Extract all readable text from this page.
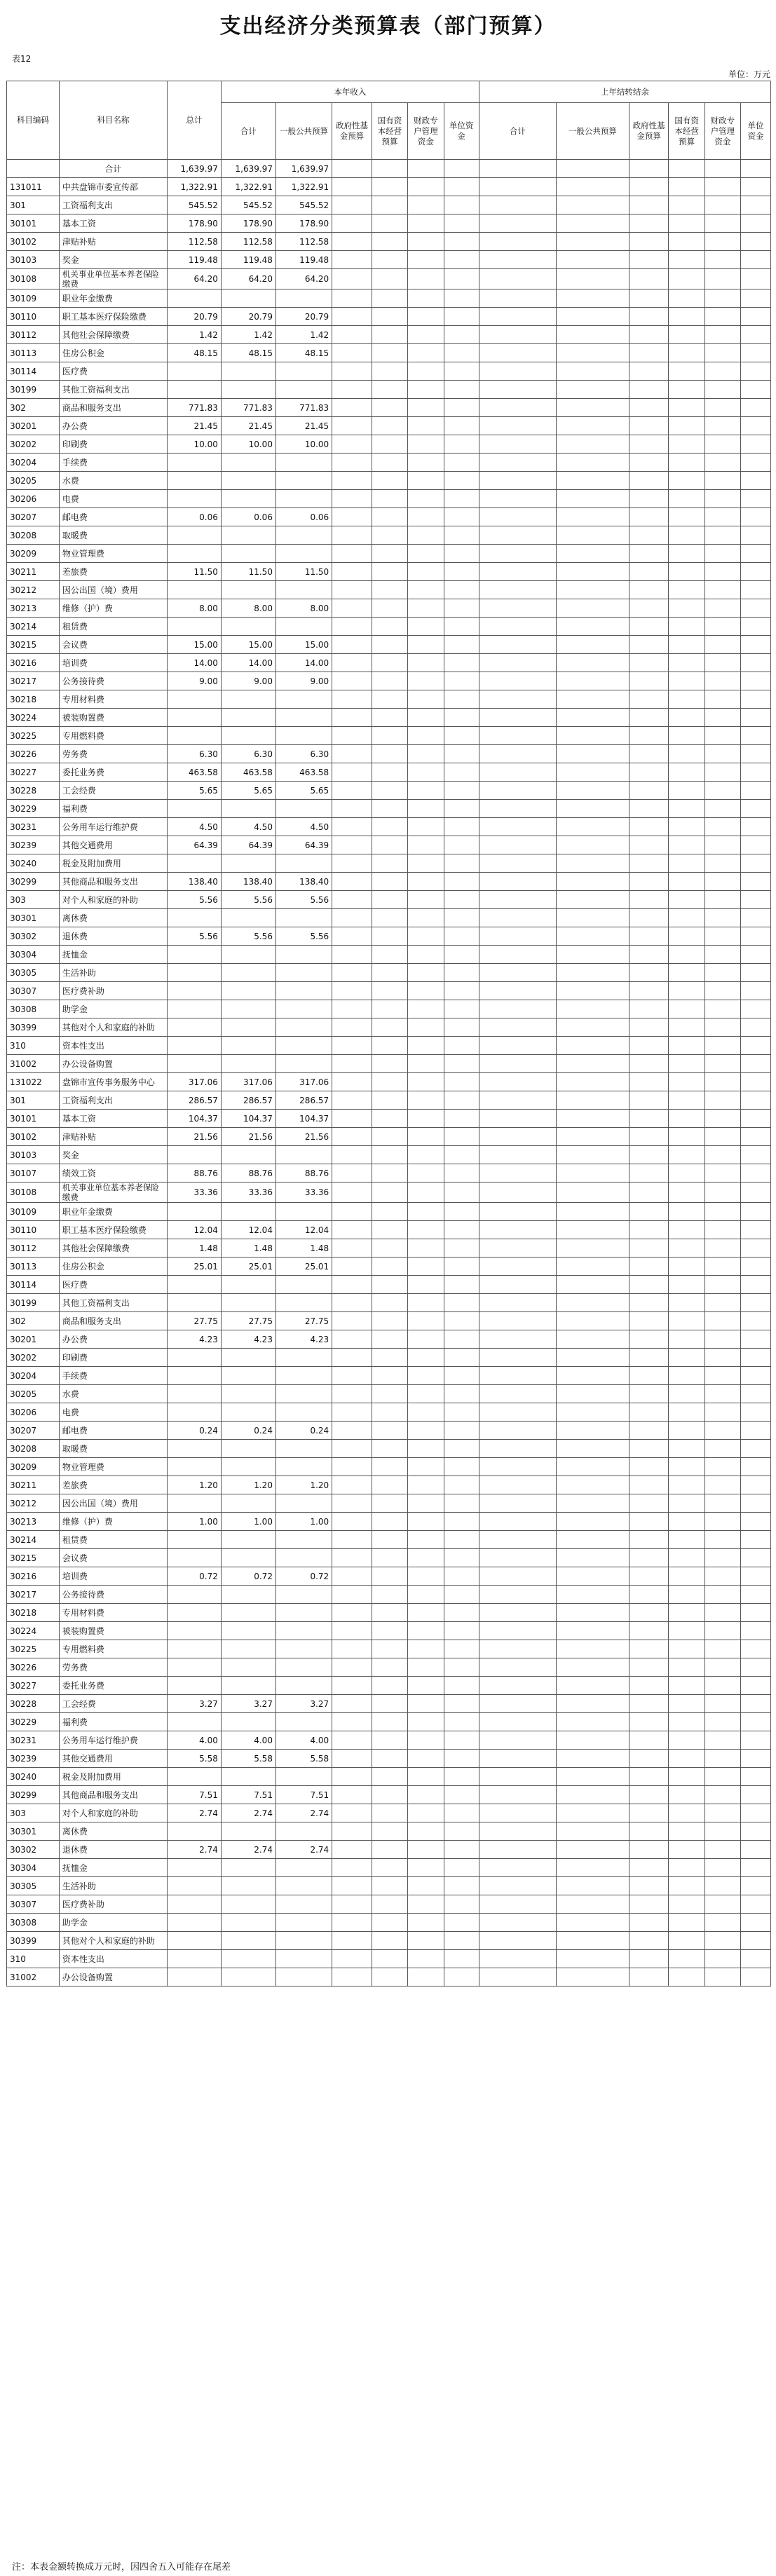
支出经济分类预算表（部门预算）
表12
单位：万元
科目编码	科目名称	总计	本年收入						上年结转结余					
			合计	一般公共预算	政府性基金预算	国有资本经营预算	财政专户管理资金	单位资金	合计	一般公共预算	政府性基金预算	国有资本经营预算	财政专户管理资金	单位资金
	合计	1,639.97	1,639.97	1,639.97										
131011	中共盘锦市委宣传部	1,322.91	1,322.91	1,322.91										
301	工资福利支出	545.52	545.52	545.52										
30101	基本工资	178.90	178.90	178.90										
30102	津贴补贴	112.58	112.58	112.58										
30103	奖金	119.48	119.48	119.48										
30108	机关事业单位基本养老保险缴费	64.20	64.20	64.20										
30109	职业年金缴费													
30110	职工基本医疗保险缴费	20.79	20.79	20.79										
30112	其他社会保障缴费	1.42	1.42	1.42										
30113	住房公积金	48.15	48.15	48.15										
30114	医疗费													
30199	其他工资福利支出													
302	商品和服务支出	771.83	771.83	771.83										
30201	办公费	21.45	21.45	21.45										
30202	印刷费	10.00	10.00	10.00										
30204	手续费													
30205	水费													
30206	电费													
30207	邮电费	0.06	0.06	0.06										
30208	取暖费													
30209	物业管理费													
30211	差旅费	11.50	11.50	11.50										
30212	因公出国（境）费用													
30213	维修（护）费	8.00	8.00	8.00										
30214	租赁费													
30215	会议费	15.00	15.00	15.00										
30216	培训费	14.00	14.00	14.00										
30217	公务接待费	9.00	9.00	9.00										
30218	专用材料费													
30224	被装购置费													
30225	专用燃料费													
30226	劳务费	6.30	6.30	6.30										
30227	委托业务费	463.58	463.58	463.58										
30228	工会经费	5.65	5.65	5.65										
30229	福利费													
30231	公务用车运行维护费	4.50	4.50	4.50										
30239	其他交通费用	64.39	64.39	64.39										
30240	税金及附加费用													
30299	其他商品和服务支出	138.40	138.40	138.40										
303	对个人和家庭的补助	5.56	5.56	5.56										
30301	离休费													
30302	退休费	5.56	5.56	5.56										
30304	抚恤金													
30305	生活补助													
30307	医疗费补助													
30308	助学金													
30399	其他对个人和家庭的补助													
310	资本性支出													
31002	办公设备购置													
131022	盘锦市宣传事务服务中心	317.06	317.06	317.06										
301	工资福利支出	286.57	286.57	286.57										
30101	基本工资	104.37	104.37	104.37										
30102	津贴补贴	21.56	21.56	21.56										
30103	奖金													
30107	绩效工资	88.76	88.76	88.76										
30108	机关事业单位基本养老保险缴费	33.36	33.36	33.36										
30109	职业年金缴费													
30110	职工基本医疗保险缴费	12.04	12.04	12.04										
30112	其他社会保障缴费	1.48	1.48	1.48										
30113	住房公积金	25.01	25.01	25.01										
30114	医疗费													
30199	其他工资福利支出													
302	商品和服务支出	27.75	27.75	27.75										
30201	办公费	4.23	4.23	4.23										
30202	印刷费													
30204	手续费													
30205	水费													
30206	电费													
30207	邮电费	0.24	0.24	0.24										
30208	取暖费													
30209	物业管理费													
30211	差旅费	1.20	1.20	1.20										
30212	因公出国（境）费用													
30213	维修（护）费	1.00	1.00	1.00										
30214	租赁费													
30215	会议费													
30216	培训费	0.72	0.72	0.72										
30217	公务接待费													
30218	专用材料费													
30224	被装购置费													
30225	专用燃料费													
30226	劳务费													
30227	委托业务费													
30228	工会经费	3.27	3.27	3.27										
30229	福利费													
30231	公务用车运行维护费	4.00	4.00	4.00										
30239	其他交通费用	5.58	5.58	5.58										
30240	税金及附加费用													
30299	其他商品和服务支出	7.51	7.51	7.51										
303	对个人和家庭的补助	2.74	2.74	2.74										
30301	离休费													
30302	退休费	2.74	2.74	2.74										
30304	抚恤金													
30305	生活补助													
30307	医疗费补助													
30308	助学金													
30399	其他对个人和家庭的补助													
310	资本性支出													
31002	办公设备购置													
注：本表金额转换成万元时，因四舍五入可能存在尾差
